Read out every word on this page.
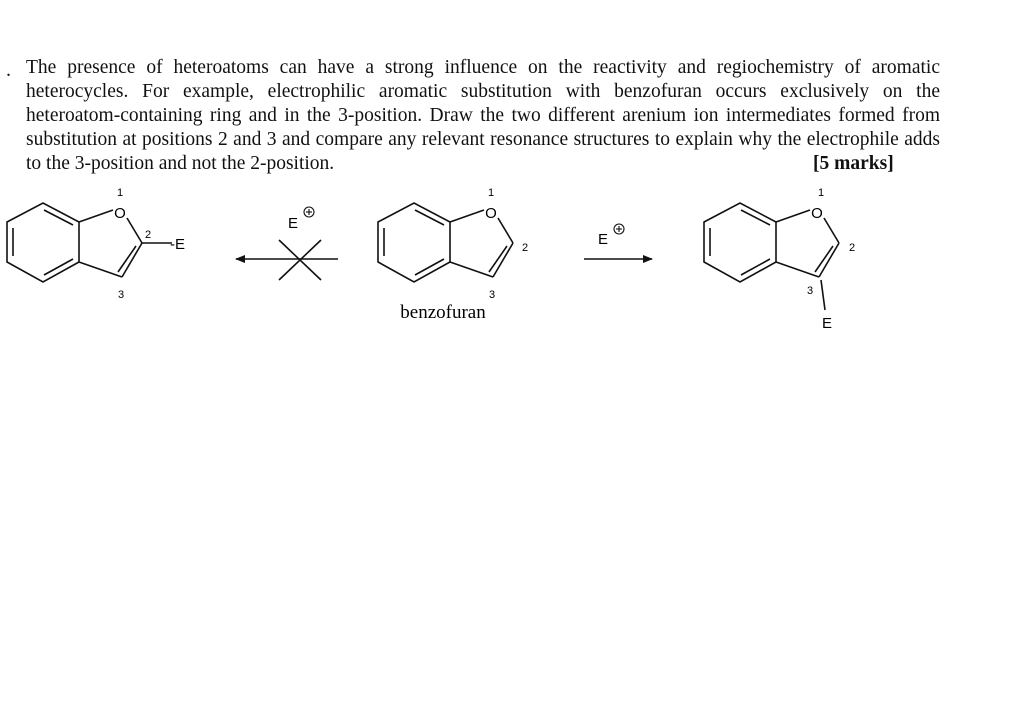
. The presence of heteroatoms can have a strong influence on the reactivity and regiochemistry of aromatic heterocycles. For example, electrophilic aromatic substitution with benzofuran occurs exclusively on the heteroatom-containing ring and in the 3-position. Draw the two different arenium ion intermediates formed from substitution at positions 2 and 3 and compare any relevant resonance structures to explain why the electrophile adds to the 3-position and not the 2-position.	[5 marks]
1
O
2
-E
3
E
1
O
2
3
benzofuran
E
1
O
2
3
E
